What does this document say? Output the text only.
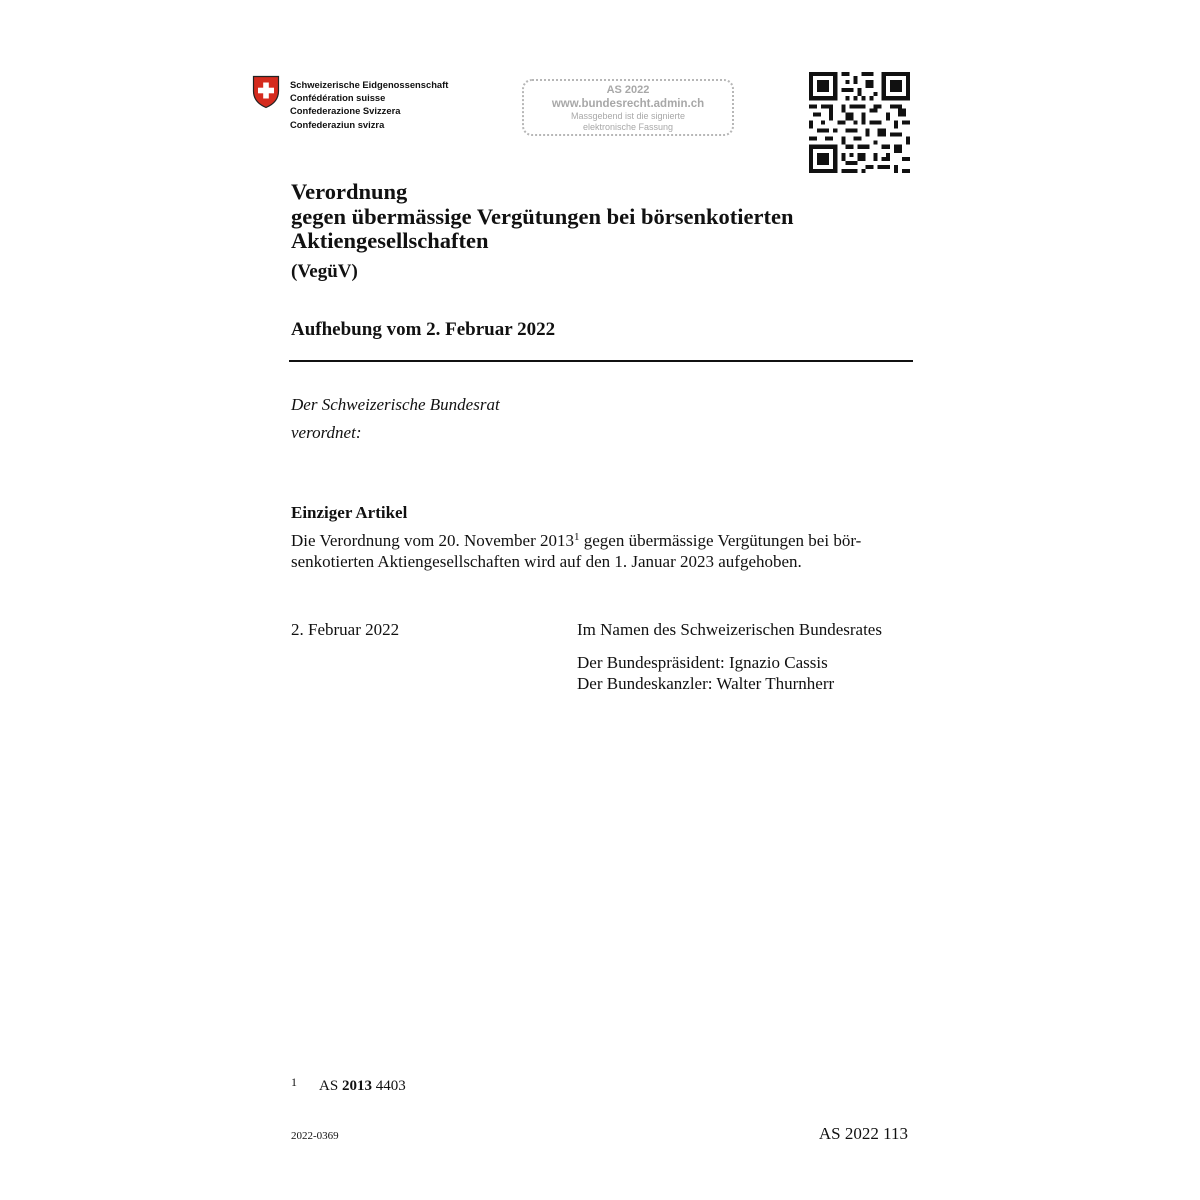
Schweizerische Eidgenossenschaft
Confédération suisse
Confederazione Svizzera
Confederaziun svizra
AS 2022
www.bundesrecht.admin.ch
Massgebend ist die signierte
elektronische Fassung
Verordnung
gegen übermässige Vergütungen bei börsenkotierten
Aktiengesellschaften
(VegüV)
Aufhebung vom 2. Februar 2022
Der Schweizerische Bundesrat
verordnet:
Einziger Artikel
Die Verordnung vom 20. November 2013$^1$ gegen übermässige Vergütungen bei bör-
senkotierten Aktiengesellschaften wird auf den 1. Januar 2023 aufgehoben.
2. Februar 2022	Im Namen des Schweizerischen Bundesrates
Der Bundespräsident: Ignazio Cassis
Der Bundeskanzler: Walter Thurnherr
$^1$ AS 2013 4403
2022-0369	AS 2022 113
